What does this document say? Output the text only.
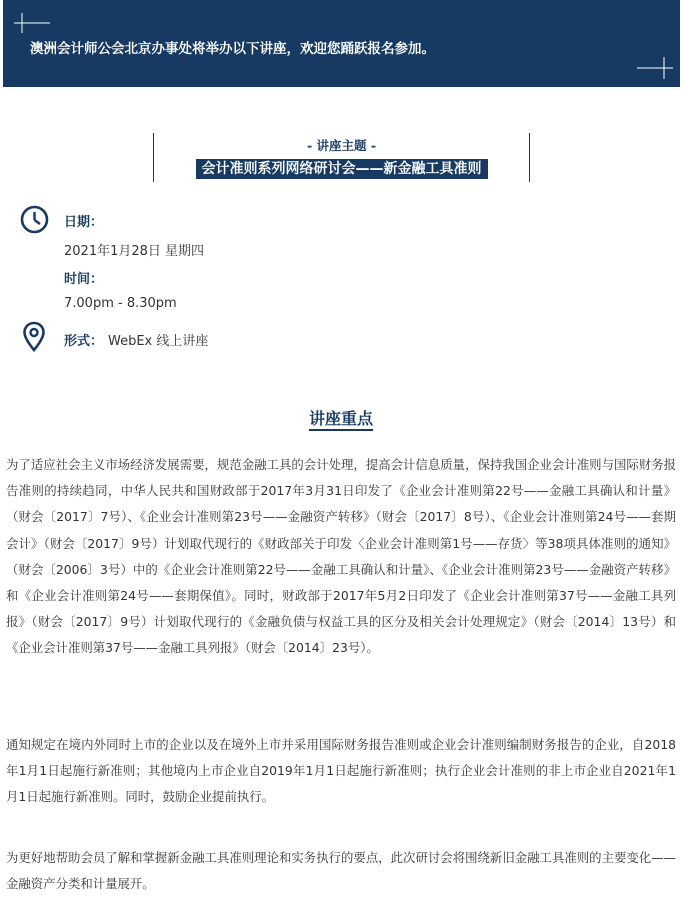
澳洲会计师公会北京办事处将举办以下讲座，欢迎您踊跃报名参加。
- 讲座主题 -
会计准则系列网络研讨会——新金融工具准则
日期：
2021年1月28日 星期四
时间：
7.00pm - 8.30pm
形式： WebEx 线上讲座
讲座重点
为了适应社会主义市场经济发展需要，规范金融工具的会计处理，提高会计信息质量，保持我国企业会计准则与国际财务报告准则的持续趋同，中华人民共和国财政部于2017年3月31日印发了《企业会计准则第22号——金融工具确认和计量》（财会〔2017〕7号）、《企业会计准则第23号——金融资产转移》（财会〔2017〕8号）、《企业会计准则第24号——套期会计》（财会〔2017〕9号）计划取代现行的《财政部关于印发〈企业会计准则第1号——存货〉等38项具体准则的通知》（财会〔2006〕3号）中的《企业会计准则第22号——金融工具确认和计量》、《企业会计准则第23号——金融资产转移》和《企业会计准则第24号——套期保值》。同时，财政部于2017年5月2日印发了《企业会计准则第37号——金融工具列报》（财会〔2017〕9号）计划取代现行的《金融负债与权益工具的区分及相关会计处理规定》（财会〔2014〕13号）和《企业会计准则第37号——金融工具列报》（财会〔2014〕23号）。
通知规定在境内外同时上市的企业以及在境外上市并采用国际财务报告准则或企业会计准则编制财务报告的企业，自2018年1月1日起施行新准则；其他境内上市企业自2019年1月1日起施行新准则；执行企业会计准则的非上市企业自2021年1月1日起施行新准则。同时，鼓励企业提前执行。
为更好地帮助会员了解和掌握新金融工具准则理论和实务执行的要点，此次研讨会将围绕新旧金融工具准则的主要变化—— 金融资产分类和计量展开。
